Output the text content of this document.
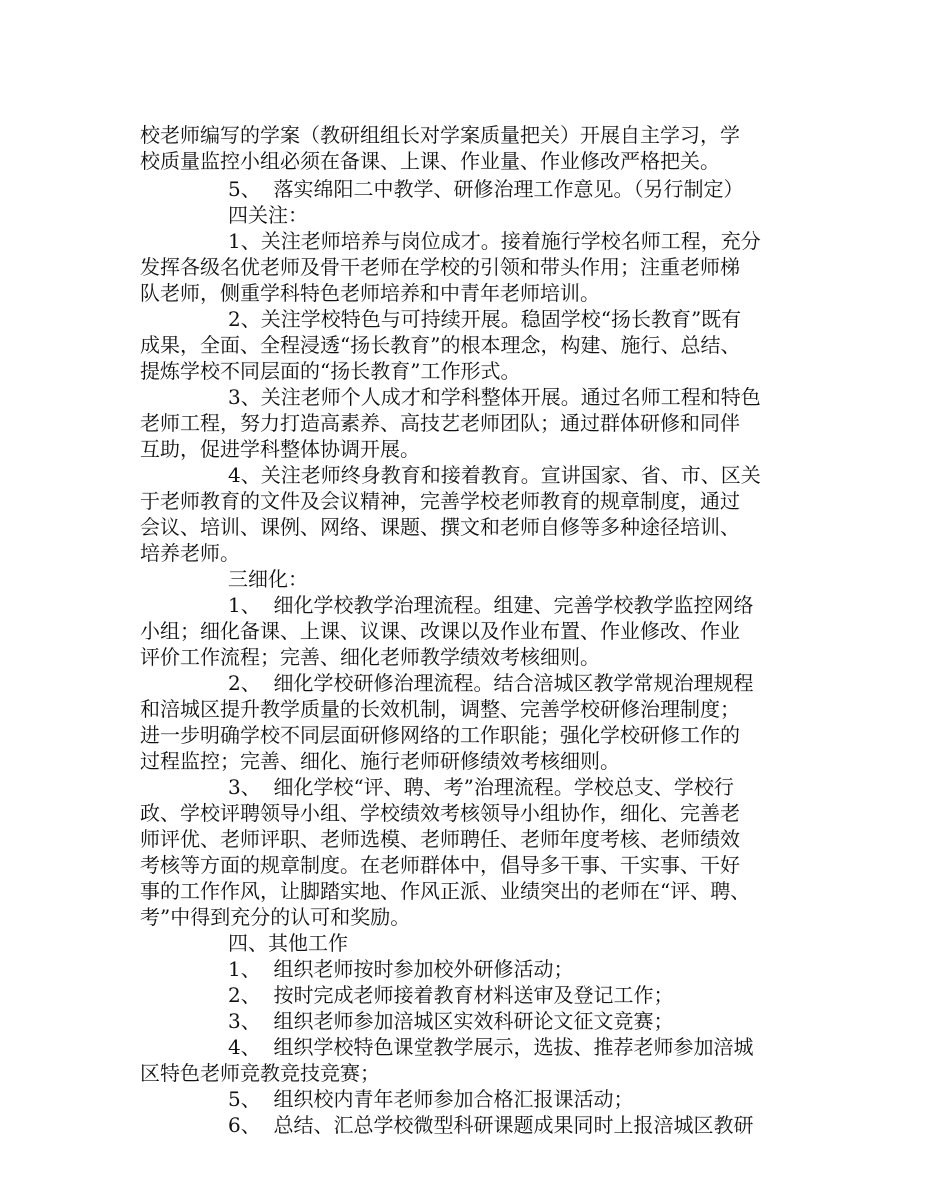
校老师编写的学案（教研组组长对学案质量把关）开展自主学习，学
校质量监控小组必须在备课、上课、作业量、作业修改严格把关。
5、  落实绵阳二中教学、研修治理工作意见。（另行制定）
四关注：
1、关注老师培养与岗位成才。接着施行学校名师工程，充分
发挥各级名优老师及骨干老师在学校的引领和带头作用；注重老师梯
队老师，侧重学科特色老师培养和中青年老师培训。
2、关注学校特色与可持续开展。稳固学校“扬长教育”既有
成果，全面、全程浸透“扬长教育”的根本理念，构建、施行、总结、
提炼学校不同层面的“扬长教育”工作形式。
3、关注老师个人成才和学科整体开展。通过名师工程和特色
老师工程，努力打造高素养、高技艺老师团队；通过群体研修和同伴
互助，促进学科整体协调开展。
4、关注老师终身教育和接着教育。宣讲国家、省、市、区关
于老师教育的文件及会议精神，完善学校老师教育的规章制度，通过
会议、培训、课例、网络、课题、撰文和老师自修等多种途径培训、
培养老师。
三细化：
1、  细化学校教学治理流程。组建、完善学校教学监控网络
小组；细化备课、上课、议课、改课以及作业布置、作业修改、作业
评价工作流程；完善、细化老师教学绩效考核细则。
2、  细化学校研修治理流程。结合涪城区教学常规治理规程
和涪城区提升教学质量的长效机制，调整、完善学校研修治理制度；
进一步明确学校不同层面研修网络的工作职能；强化学校研修工作的
过程监控；完善、细化、施行老师研修绩效考核细则。
3、  细化学校“评、聘、考”治理流程。学校总支、学校行
政、学校评聘领导小组、学校绩效考核领导小组协作，细化、完善老
师评优、老师评职、老师选模、老师聘任、老师年度考核、老师绩效
考核等方面的规章制度。在老师群体中，倡导多干事、干实事、干好
事的工作作风，让脚踏实地、作风正派、业绩突出的老师在“评、聘、
考”中得到充分的认可和奖励。
四、其他工作
1、  组织老师按时参加校外研修活动；
2、  按时完成老师接着教育材料送审及登记工作；
3、  组织老师参加涪城区实效科研论文征文竞赛；
4、  组织学校特色课堂教学展示，选拔、推荐老师参加涪城
区特色老师竞教竞技竞赛；
5、  组织校内青年老师参加合格汇报课活动；
6、  总结、汇总学校微型科研课题成果同时上报涪城区教研
